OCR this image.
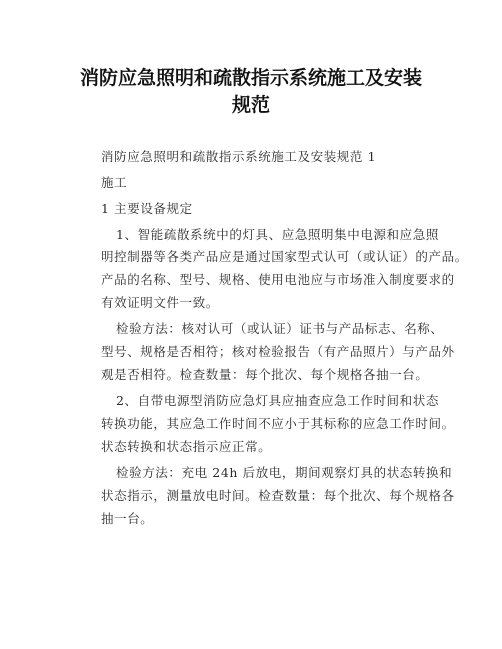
消防应急照明和疏散指示系统施工及安装
规范
消防应急照明和疏散指示系统施工及安装规范 1
施工
1 主要设备规定
1、智能疏散系统中的灯具、应急照明集中电源和应急照
明控制器等各类产品应是通过国家型式认可（或认证）的产品。
产品的名称、型号、规格、使用电池应与市场准入制度要求的
有效证明文件一致。
检验方法：核对认可（或认证）证书与产品标志、名称、
型号、规格是否相符；核对检验报告（有产品照片）与产品外
观是否相符。检查数量：每个批次、每个规格各抽一台。
2、自带电源型消防应急灯具应抽查应急工作时间和状态
转换功能，其应急工作时间不应小于其标称的应急工作时间。
状态转换和状态指示应正常。
检验方法：充电 24h 后放电，期间观察灯具的状态转换和
状态指示，测量放电时间。检查数量：每个批次、每个规格各
抽一台。
